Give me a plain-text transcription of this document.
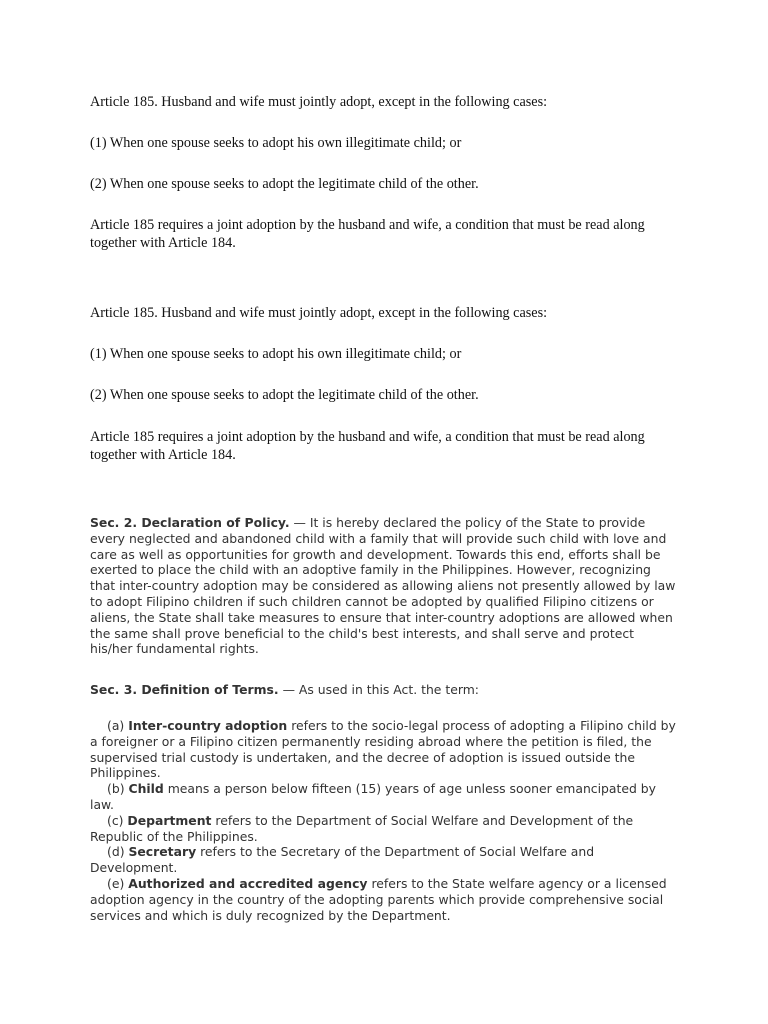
Article 185. Husband and wife must jointly adopt, except in the following cases:

(1) When one spouse seeks to adopt his own illegitimate child; or

(2) When one spouse seeks to adopt the legitimate child of the other.

Article 185 requires a joint adoption by the husband and wife, a condition that must be read along together with Article 184.

Article 185. Husband and wife must jointly adopt, except in the following cases:

(1) When one spouse seeks to adopt his own illegitimate child; or

(2) When one spouse seeks to adopt the legitimate child of the other.

Article 185 requires a joint adoption by the husband and wife, a condition that must be read along together with Article 184.

Sec. 2. Declaration of Policy. — It is hereby declared the policy of the State to provide every neglected and abandoned child with a family that will provide such child with love and care as well as opportunities for growth and development. Towards this end, efforts shall be exerted to place the child with an adoptive family in the Philippines. However, recognizing that inter-country adoption may be considered as allowing aliens not presently allowed by law to adopt Filipino children if such children cannot be adopted by qualified Filipino citizens or aliens, the State shall take measures to ensure that inter-country adoptions are allowed when the same shall prove beneficial to the child's best interests, and shall serve and protect his/her fundamental rights.

Sec. 3. Definition of Terms. — As used in this Act. the term:

(a) Inter-country adoption refers to the socio-legal process of adopting a Filipino child by a foreigner or a Filipino citizen permanently residing abroad where the petition is filed, the supervised trial custody is undertaken, and the decree of adoption is issued outside the Philippines.

(b) Child means a person below fifteen (15) years of age unless sooner emancipated by law.

(c) Department refers to the Department of Social Welfare and Development of the Republic of the Philippines.

(d) Secretary refers to the Secretary of the Department of Social Welfare and Development.

(e) Authorized and accredited agency refers to the State welfare agency or a licensed adoption agency in the country of the adopting parents which provide comprehensive social services and which is duly recognized by the Department.
